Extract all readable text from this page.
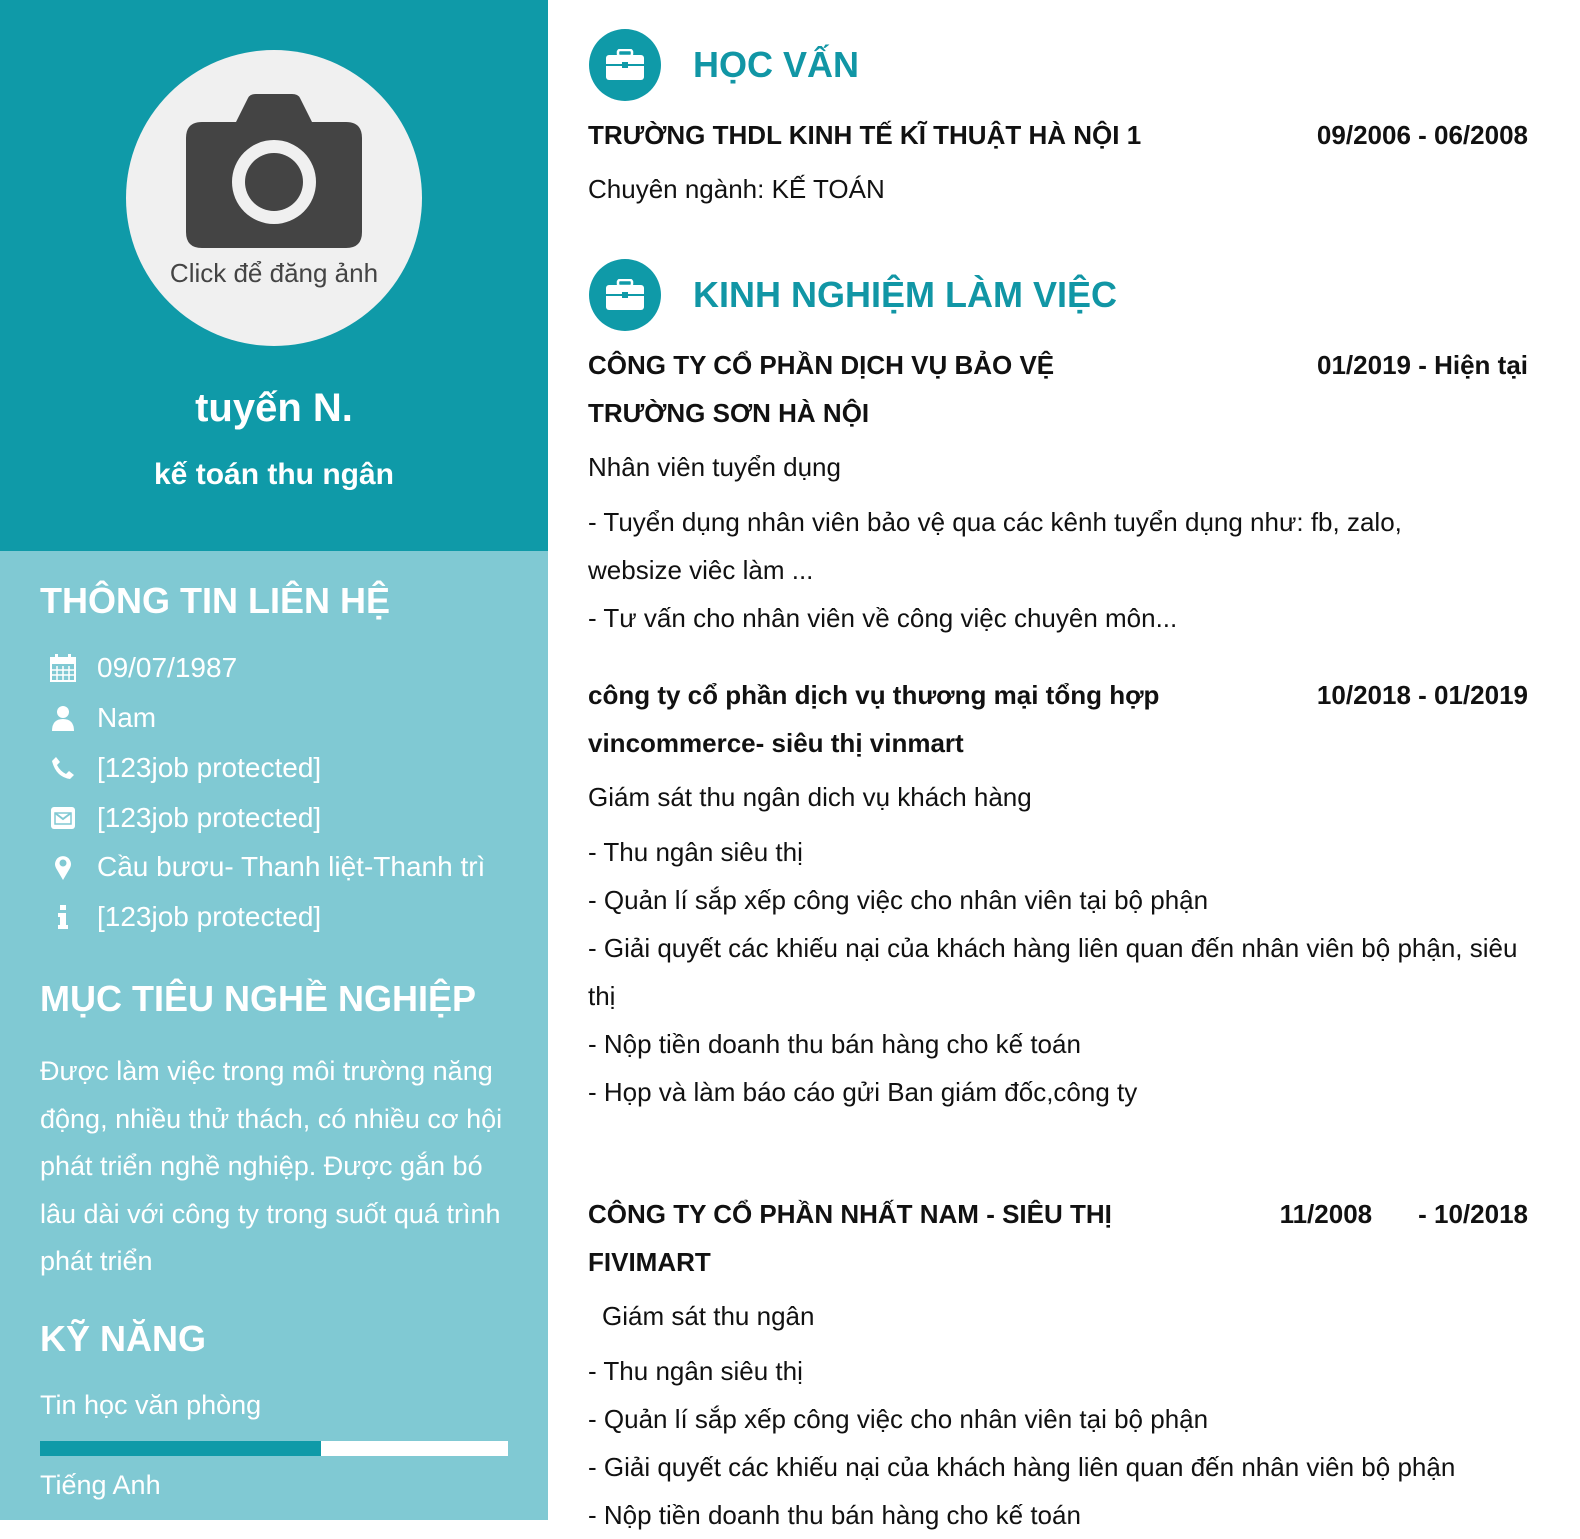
Click để đăng ảnh
tuyến N.
kế toán thu ngân
THÔNG TIN LIÊN HỆ
09/07/1987
Nam
[123job protected]
[123job protected]
Cầu bươu- Thanh liệt-Thanh trì
[123job protected]
MỤC TIÊU NGHỀ NGHIỆP
Được làm việc trong môi trường năng động, nhiều thử thách, có nhiều cơ hội phát triển nghề nghiệp. Được gắn bó lâu dài với công ty trong suốt quá trình phát triển
KỸ NĂNG
Tin học văn phòng
Tiếng Anh
HỌC VẤN
TRƯỜNG THDL KINH TẾ KĨ THUẬT HÀ NỘI 1	09/2006 - 06/2008
Chuyên ngành: KẾ TOÁN
KINH NGHIỆM LÀM VIỆC
CÔNG TY CỔ PHẦN DỊCH VỤ BẢO VỆ TRƯỜNG SƠN HÀ NỘI
01/2019 - Hiện tại
Nhân viên tuyển dụng
- Tuyển dụng nhân viên bảo vệ qua các kênh tuyển dụng như: fb, zalo, websize viêc làm ...
- Tư vấn cho nhân viên về công việc chuyên môn...
công ty cổ phần dịch vụ thương mại tổng hợp vincommerce- siêu thị vinmart
10/2018 - 01/2019
Giám sát thu ngân dich vụ khách hàng
- Thu ngân siêu thị
- Quản lí sắp xếp công việc cho nhân viên tại bộ phận
- Giải quyết các khiếu nại của khách hàng liên quan đến nhân viên bộ phận, siêu thị
- Nộp tiền doanh thu bán hàng cho kế toán
- Họp và làm báo cáo gửi Ban giám đốc,công ty
CÔNG TY CỔ PHẦN NHẤT NAM - SIÊU THỊ FIVIMART
11/2008 - 10/2018
Giám sát thu ngân
- Thu ngân siêu thị
- Quản lí sắp xếp công việc cho nhân viên tại bộ phận
- Giải quyết các khiếu nại của khách hàng liên quan đến nhân viên bộ phận
- Nộp tiền doanh thu bán hàng cho kế toán
